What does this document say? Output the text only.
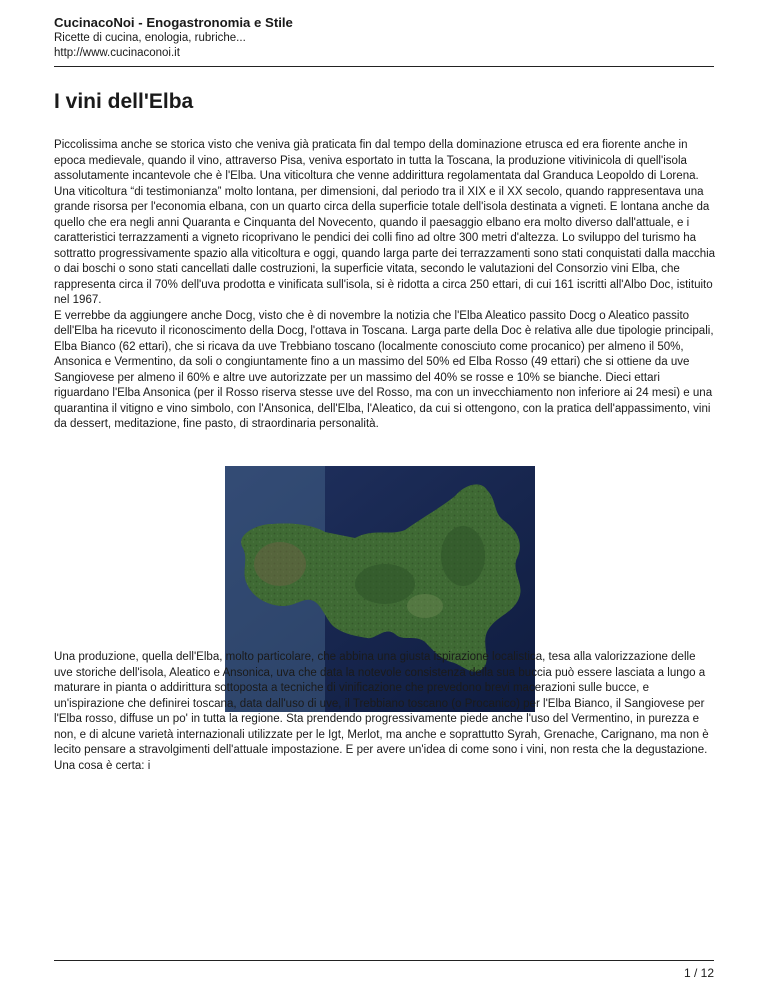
CucinacoNoi - Enogastronomia e Stile
Ricette di cucina, enologia, rubriche...
http://www.cucinaconoi.it
I vini dell'Elba
Piccolissima anche se storica visto che veniva già praticata fin dal tempo della dominazione etrusca ed era fiorente anche in epoca medievale, quando il vino, attraverso Pisa, veniva esportato in tutta la Toscana, la produzione vitivinicola di quell'isola assolutamente incantevole che è l'Elba. Una viticoltura che venne addirittura regolamentata dal Granduca Leopoldo di Lorena. Una viticoltura “di testimonianza” molto lontana, per dimensioni, dal periodo tra il XIX e il XX secolo, quando rappresentava una grande risorsa per l'economia elbana, con un quarto circa della superficie totale dell'isola destinata a vigneti. E lontana anche da quello che era negli anni Quaranta e Cinquanta del Novecento, quando il paesaggio elbano era molto diverso dall'attuale, e i caratteristici terrazzamenti a vigneto ricoprivano le pendici dei colli fino ad oltre 300 metri d'altezza. Lo sviluppo del turismo ha sottratto progressivamente spazio alla viticoltura e oggi, quando larga parte dei terrazzamenti sono stati conquistati dalla macchia o dai boschi o sono stati cancellati dalle costruzioni, la superficie vitata, secondo le valutazioni del Consorzio vini Elba, che rappresenta circa il 70% dell'uva prodotta e vinificata sull'isola, si è ridotta a circa 250 ettari, di cui 161 iscritti all'Albo Doc, istituito nel 1967.
E verrebbe da aggiungere anche Docg, visto che è di novembre la notizia che l'Elba Aleatico passito Docg o Aleatico passito dell'Elba ha ricevuto il riconoscimento della Docg, l'ottava in Toscana. Larga parte della Doc è relativa alle due tipologie principali, Elba Bianco (62 ettari), che si ricava da uve Trebbiano toscano (localmente conosciuto come procanico) per almeno il 50%, Ansonica e Vermentino, da soli o congiuntamente fino a un massimo del 50% ed Elba Rosso (49 ettari) che si ottiene da uve Sangiovese per almeno il 60% e altre uve autorizzate per un massimo del 40% se rosse e 10% se bianche. Dieci ettari riguardano l'Elba Ansonica (per il Rosso riserva stesse uve del Rosso, ma con un invecchiamento non inferiore ai 24 mesi) e una quarantina il vitigno e vino simbolo, con l'Ansonica, dell'Elba, l'Aleatico, da cui si ottengono, con la pratica dell'appassimento, vini da dessert, meditazione, fine pasto, di straordinaria personalità.

Una produzione, quella dell'Elba, molto particolare, che abbina una giusta ispirazione localistica, tesa alla valorizzazione delle uve storiche dell'isola, Aleatico e Ansonica, uva che data la notevole consistenza della sua buccia può essere lasciata a lungo a maturare in pianta o addirittura sottoposta a tecniche di vinificazione che prevedono brevi macerazioni sulle bucce, e un'ispirazione che definirei toscana, data dall'uso di uve, il Trebbiano toscano (o Procanico) per l'Elba Bianco, il Sangiovese per l'Elba rosso, diffuse un po' in tutta la regione. Sta prendendo progressivamente piede anche l'uso del Vermentino, in purezza e non, e di alcune varietà internazionali utilizzate per le Igt, Merlot, ma anche e soprattutto Syrah, Grenache, Carignano, ma non è lecito pensare a stravolgimenti dell'attuale impostazione. E per avere un'idea di come sono i vini, non resta che la degustazione. Una cosa è certa: i

1 / 12
